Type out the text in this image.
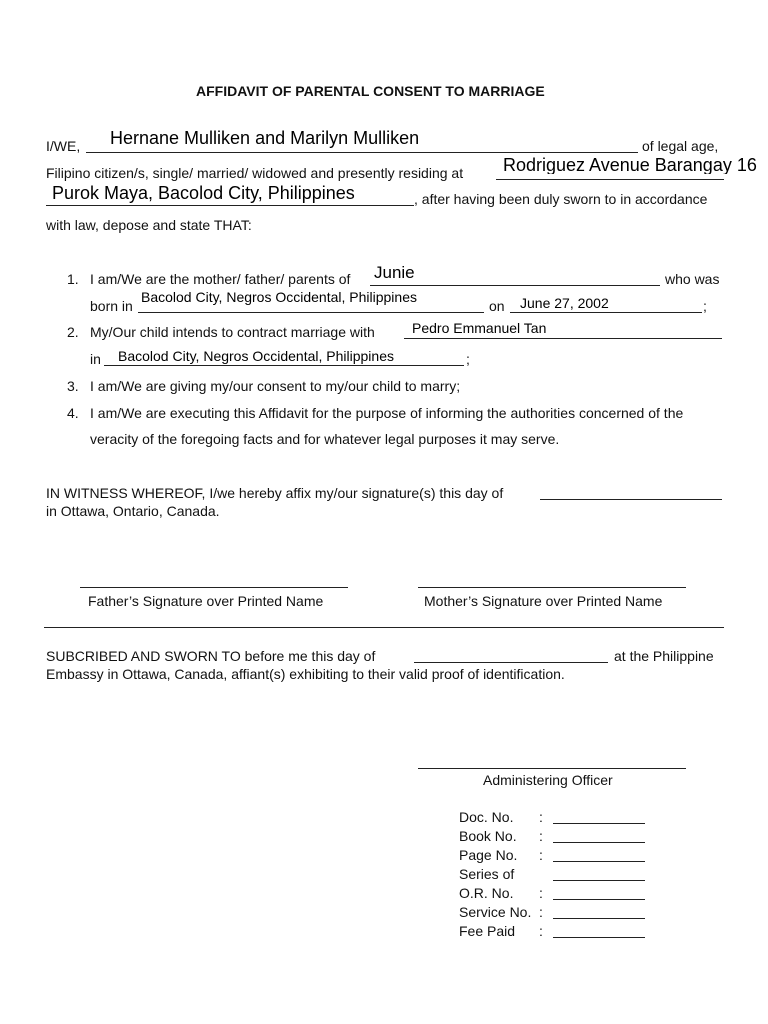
AFFIDAVIT OF PARENTAL CONSENT TO MARRIAGE
I/WE, Hernane Mulliken and Marilyn Mulliken	of legal age,
Filipino citizen/s, single/ married/ widowed and presently residing at Rodriguez Avenue Barangay 16
Purok Maya, Bacolod City, Philippines	, after having been duly sworn to in accordance
with law, depose and state THAT:
1. I am/We are the mother/ father/ parents of Junie	who was
born in
Bacolod City, Negros Occidental, Philippines
on June 27, 2002	;
2. My/Our child intends to contract marriage with	Pedro Emmanuel Tan
in Bacolod City, Negros Occidental, Philippines	;
3. I am/We are giving my/our consent to my/our child to marry;
4. I am/We are executing this Affidavit for the purpose of informing the authorities concerned of the
veracity of the foregoing facts and for whatever legal purposes it may serve.
IN WITNESS WHEREOF, I/we hereby affix my/our signature(s) this day of
in Ottawa, Ontario, Canada.
Father’s Signature over Printed Name	Mother’s Signature over Printed Name
SUBCRIBED AND SWORN TO before me this day of	at the Philippine
Embassy in Ottawa, Canada, affiant(s) exhibiting to their valid proof of identification.
Administering Officer
Doc. No. :
Book No. :
Page No. :
Series of
O.R. No. :
Service No. :
Fee Paid :
